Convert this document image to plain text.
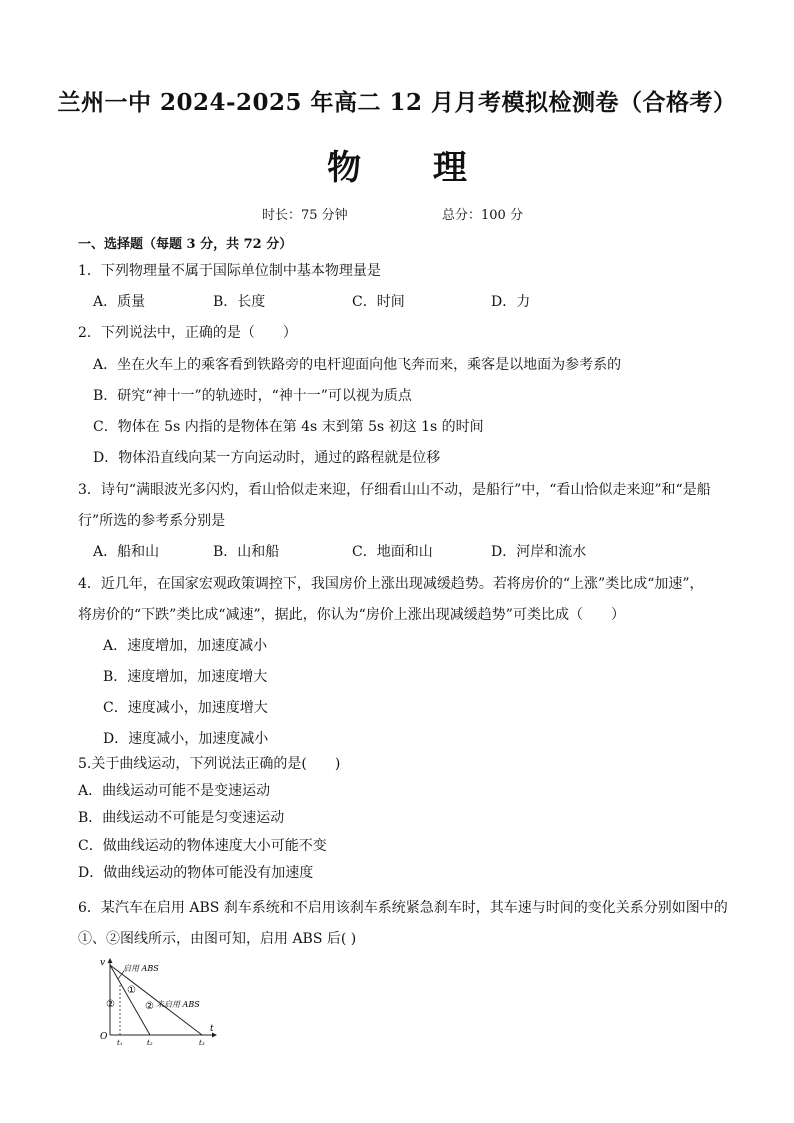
兰州一中 2024-2025 年高二 12 月月考模拟检测卷（合格考）
物 理
时长：75 分钟	总分：100 分
一、选择题（每题 3 分，共 72 分）
1．下列物理量不属于国际单位制中基本物理量是
A．质量	B．长度	C．时间	D．力
2．下列说法中，正确的是（　　）
A．坐在火车上的乘客看到铁路旁的电杆迎面向他飞奔而来，乘客是以地面为参考系的
B．研究“神十一”的轨迹时，“神十一”可以视为质点
C．物体在 5s 内指的是物体在第 4s 末到第 5s 初这 1s 的时间
D．物体沿直线向某一方向运动时，通过的路程就是位移
3．诗句“满眼波光多闪灼，看山恰似走来迎，仔细看山山不动，是船行”中，“看山恰似走来迎”和“是船
行”所选的参考系分别是
A．船和山	B．山和船	C．地面和山	D．河岸和流水
4．近几年，在国家宏观政策调控下，我国房价上涨出现减缓趋势。若将房价的“上涨”类比成“加速”，
将房价的“下跌”类比成“减速”，据此，你认为“房价上涨出现减缓趋势”可类比成（　　）
A．速度增加，加速度减小
B．速度增加，加速度增大
C．速度减小，加速度增大
D．速度减小，加速度减小
5.关于曲线运动，下列说法正确的是(　　)
A．曲线运动可能不是变速运动
B．曲线运动不可能是匀变速运动
C．做曲线运动的物体速度大小可能不变
D．做曲线运动的物体可能没有加速度
6．某汽车在启用 ABS 刹车系统和不启用该刹车系统紧急刹车时，其车速与时间的变化关系分别如图中的
①、②图线所示，由图可知，启用 ABS 后( )
v
t
O
启用 ABS
未启用 ABS
①
②	②
t₁	t₂	t₃
